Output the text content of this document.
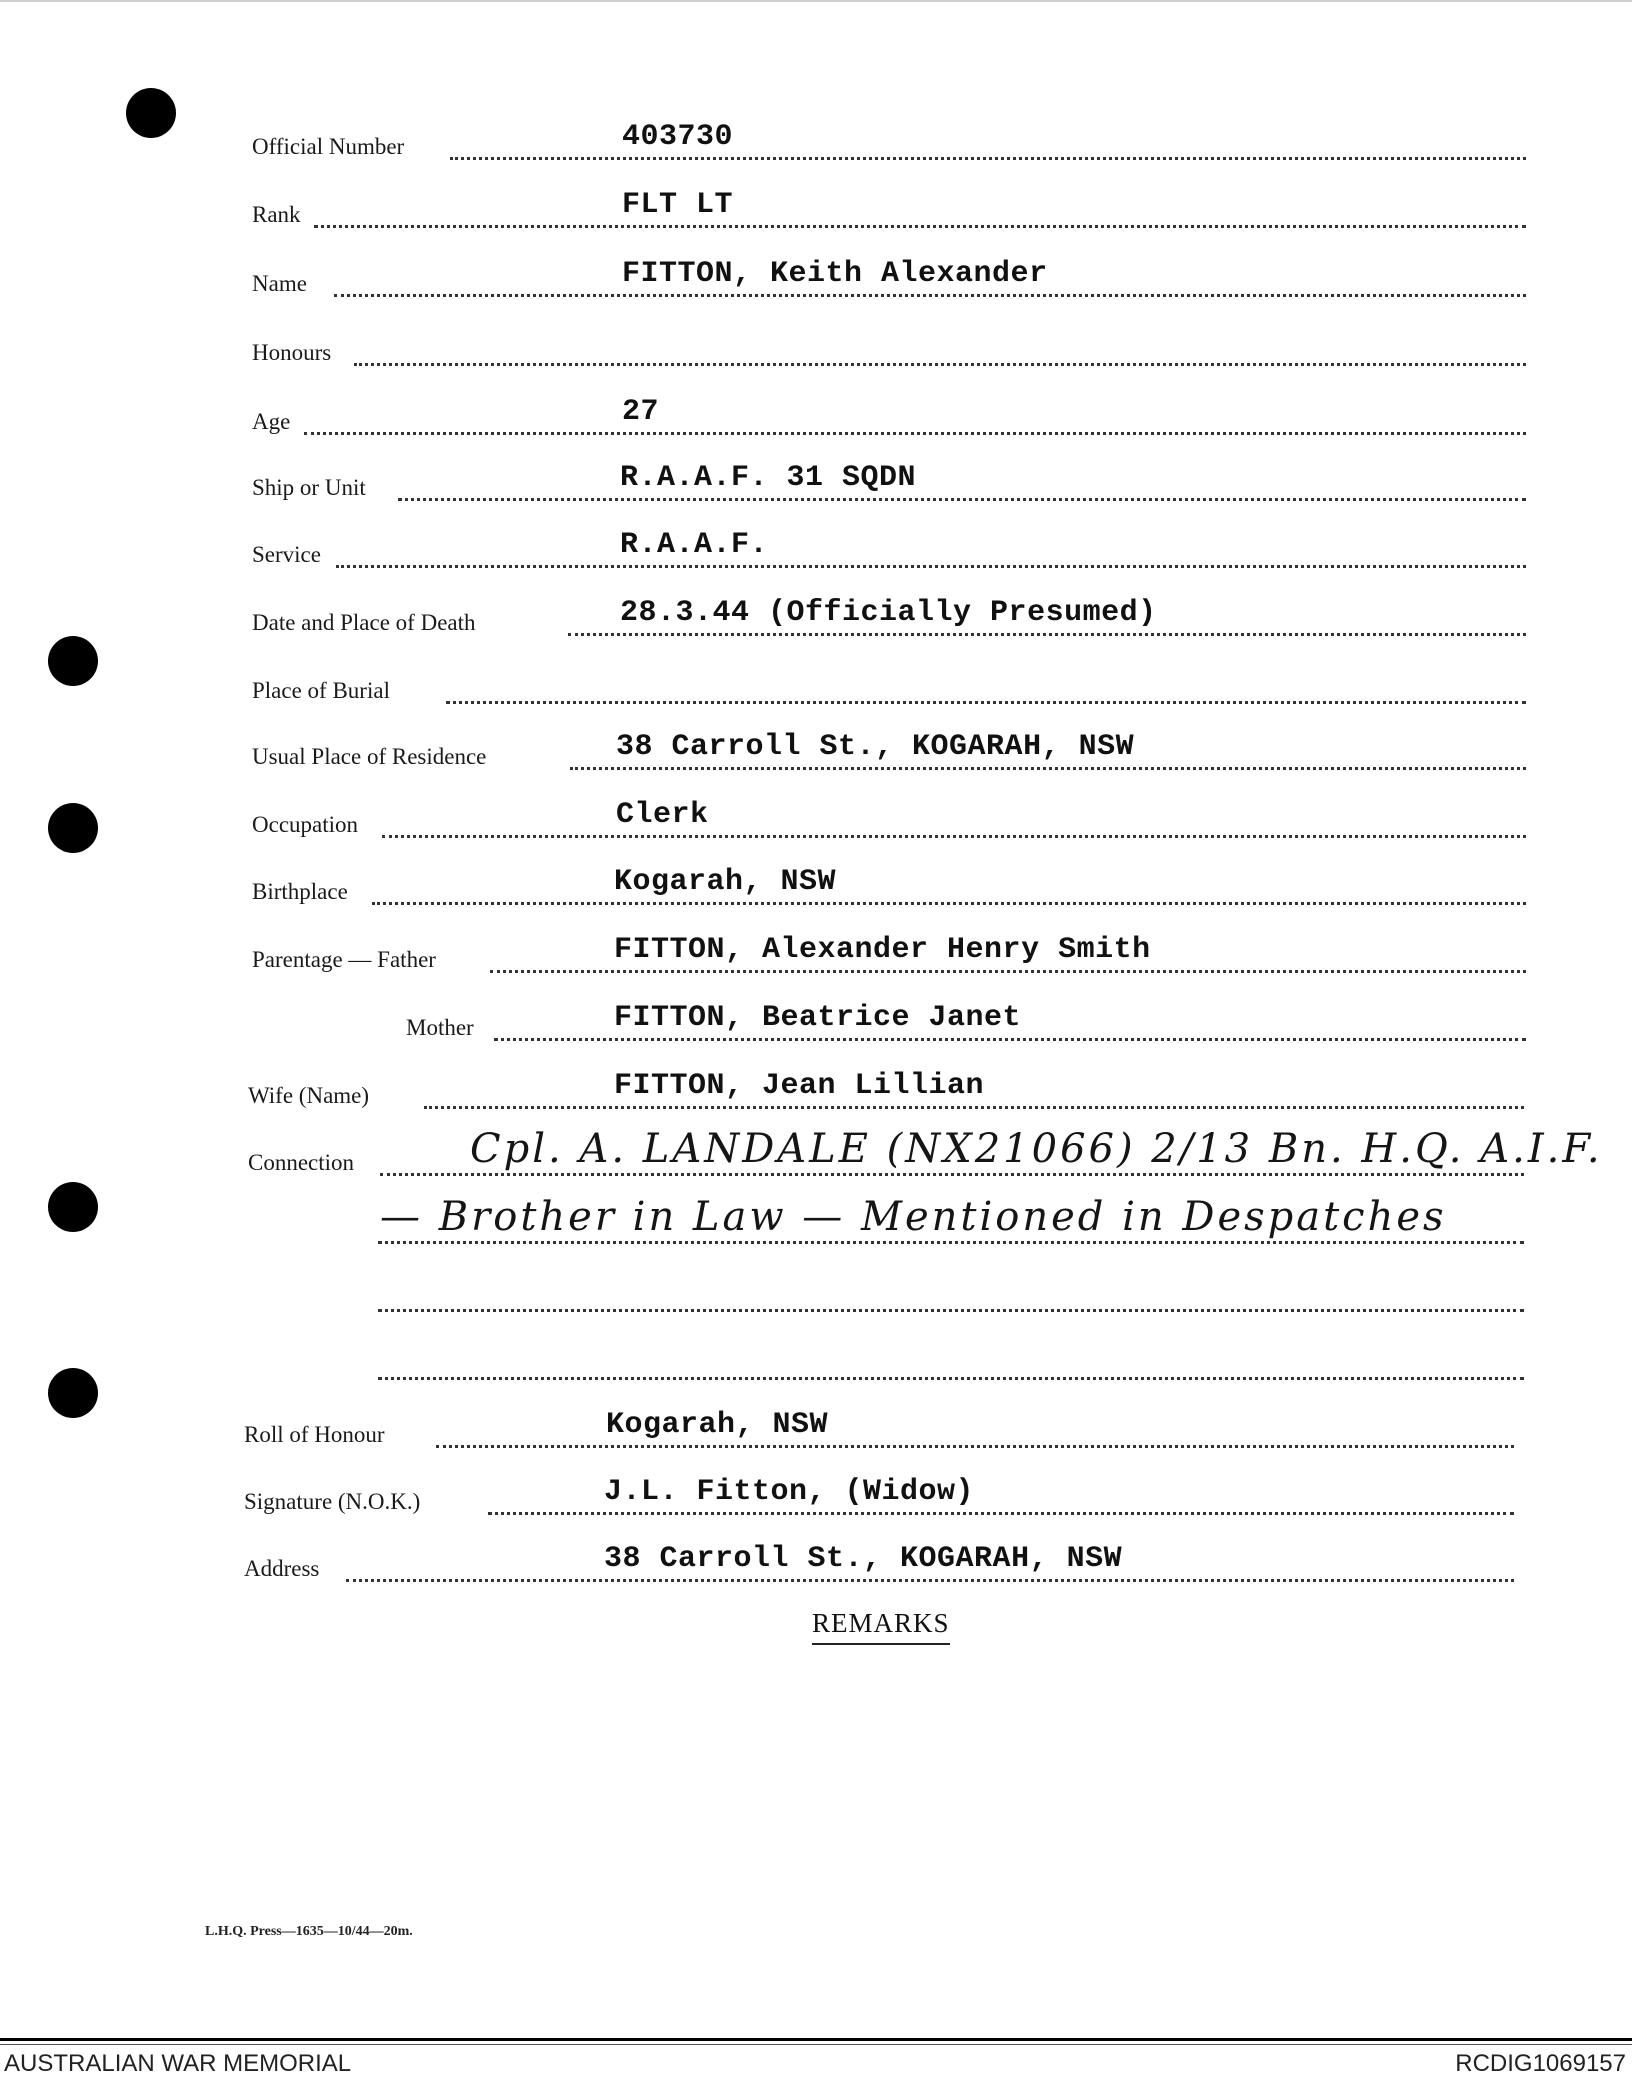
Official Number	403730
Rank	FLT LT
Name	FITTON, Keith Alexander
Honours
Age	27
Ship or Unit	R.A.A.F. 31 SQDN
Service	R.A.A.F.
Date and Place of Death	28.3.44 (Officially Presumed)
Place of Burial
Usual Place of Residence	38 Carroll St., KOGARAH, NSW
Occupation	Clerk
Birthplace	Kogarah, NSW
Parentage — Father	FITTON, Alexander Henry Smith
Mother	FITTON, Beatrice Janet
Wife (Name)	FITTON, Jean Lillian
Connection	Cpl. A. LANDALE (NX21066) 2/13 Bn. H.Q. A.I.F.
— Brother in Law — Mentioned in Despatches
Roll of Honour	Kogarah, NSW
Signature (N.O.K.)	J.L. Fitton, (Widow)
Address	38 Carroll St., KOGARAH, NSW
REMARKS
L.H.Q. Press—1635—10/44—20m.
AUSTRALIAN WAR MEMORIAL	RCDIG1069157
